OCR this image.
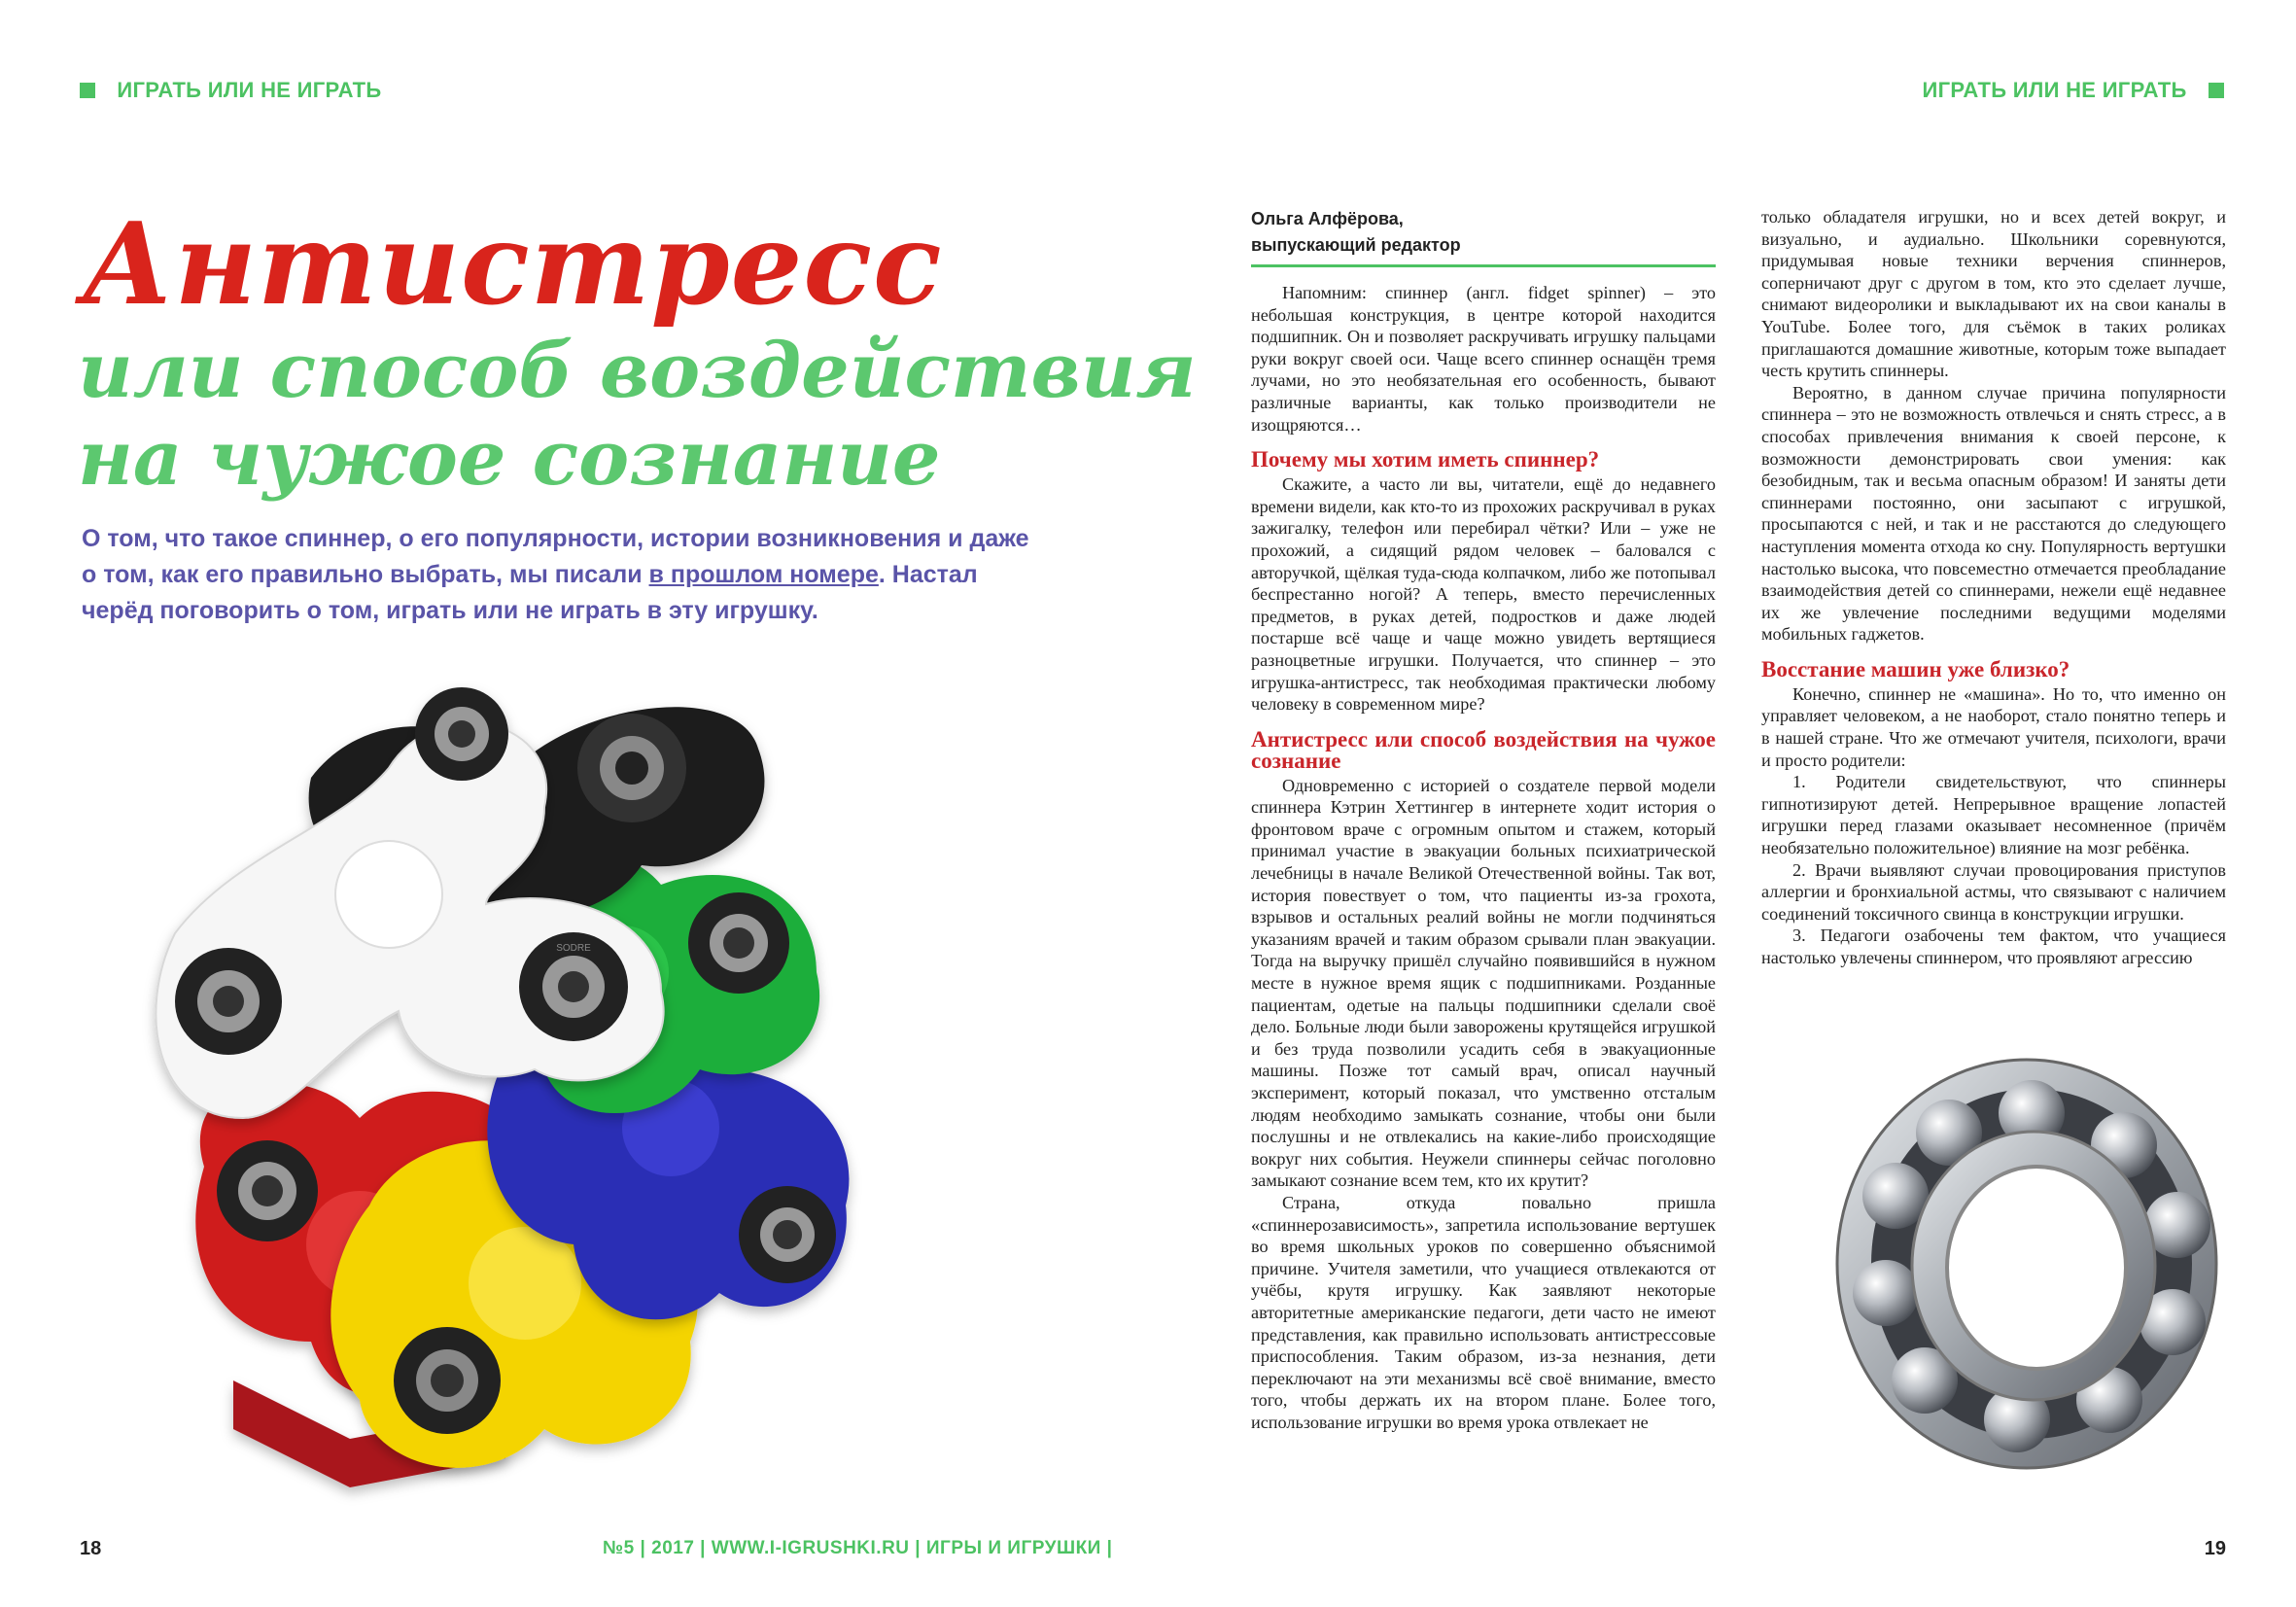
ИГРАТЬ ИЛИ НЕ ИГРАТЬ	ИГРАТЬ ИЛИ НЕ ИГРАТЬ
Антистресс
или способ воздействия
на чужое сознание
О том, что такое спиннер, о его популярности, истории возникновения и даже о том, как его правильно выбрать, мы писали в прошлом номере. Настал черёд поговорить о том, играть или не играть в эту игрушку.
SODRE
Ольга Алфёрова,
выпускающий редактор

Напомним: спиннер (англ. fidget spinner) – это небольшая конструкция, в центре которой находится подшипник. Он и позволяет раскручивать игрушку пальцами руки вокруг своей оси. Чаще всего спиннер оснащён тремя лучами, но это необязательная его особенность, бывают различные варианты, как только производители не изощряются…

Почему мы хотим иметь спиннер?

Скажите, а часто ли вы, читатели, ещё до недавнего времени видели, как кто-то из прохожих раскручивал в руках зажигалку, телефон или перебирал чётки? Или – уже не прохожий, а сидящий рядом человек – баловался с авторучкой, щёлкая туда-сюда колпачком, либо же потопывал беспрестанно ногой? А теперь, вместо перечисленных предметов, в руках детей, подростков и даже людей постарше всё чаще и чаще можно увидеть вертящиеся разноцветные игрушки. Получается, что спиннер – это игрушка-антистресс, так необходимая практически любому человеку в современном мире?

Антистресс или способ воздействия на чужое сознание

Одновременно с историей о создателе первой модели спиннера Кэтрин Хеттингер в интернете ходит история о фронтовом враче с огромным опытом и стажем, который принимал участие в эвакуации больных психиатрической лечебницы в начале Великой Отечественной войны. Так вот, история повествует о том, что пациенты из-за грохота, взрывов и остальных реалий войны не могли подчиняться указаниям врачей и таким образом срывали план эвакуации. Тогда на выручку пришёл случайно появившийся в нужном месте в нужное время ящик с подшипниками. Розданные пациентам, одетые на пальцы подшипники сделали своё дело. Больные люди были заворожены крутящейся игрушкой и без труда позволили усадить себя в эвакуационные машины. Позже тот самый врач, описал научный эксперимент, который показал, что умственно отсталым людям необходимо замыкать сознание, чтобы они были послушны и не отвлекались на какие-либо происходящие вокруг них события. Неужели спиннеры сейчас поголовно замыкают сознание всем тем, кто их крутит?

Страна, откуда повально пришла «спиннерозависимость», запретила использование вертушек во время школьных уроков по совершенно объяснимой причине. Учителя заметили, что учащиеся отвлекаются от учёбы, крутя игрушку. Как заявляют некоторые авторитетные американские педагоги, дети часто не имеют представления, как правильно использовать антистрессовые приспособления. Таким образом, из-за незнания, дети переключают на эти механизмы всё своё внимание, вместо того, чтобы держать их на втором плане. Более того, использование игрушки во время урока отвлекает не

только обладателя игрушки, но и всех детей вокруг, и визуально, и аудиально. Школьники соревнуются, придумывая новые техники верчения спиннеров, соперничают друг с другом в том, кто это сделает лучше, снимают видеоролики и выкладывают их на свои каналы в YouTube. Более того, для съёмок в таких роликах приглашаются домашние животные, которым тоже выпадает честь крутить спиннеры.

Вероятно, в данном случае причина популярности спиннера – это не возможность отвлечься и снять стресс, а в способах привлечения внимания к своей персоне, к возможности демонстрировать свои умения: как безобидным, так и весьма опасным образом! И заняты дети спиннерами постоянно, они засыпают с игрушкой, просыпаются с ней, и так и не расстаются до следующего наступления момента отхода ко сну. Популярность вертушки настолько высока, что повсеместно отмечается преобладание взаимодействия детей со спиннерами, нежели ещё недавнее их же увлечение последними ведущими моделями мобильных гаджетов.

Восстание машин уже близко?

Конечно, спиннер не «машина». Но то, что именно он управляет человеком, а не наоборот, стало понятно теперь и в нашей стране. Что же отмечают учителя, психологи, врачи и просто родители:

1. Родители свидетельствуют, что спиннеры гипнотизируют детей. Непрерывное вращение лопастей игрушки перед глазами оказывает несомненное (причём необязательно положительное) влияние на мозг ребёнка.

2. Врачи выявляют случаи провоцирования приступов аллергии и бронхиальной астмы, что связывают с наличием соединений токсичного свинца в конструкции игрушки.

3. Педагоги озабочены тем фактом, что учащиеся настолько увлечены спиннером, что проявляют агрессию

18	№5 | 2017 | WWW.I-IGRUSHKI.RU | ИГРЫ И ИГРУШКИ |	19
